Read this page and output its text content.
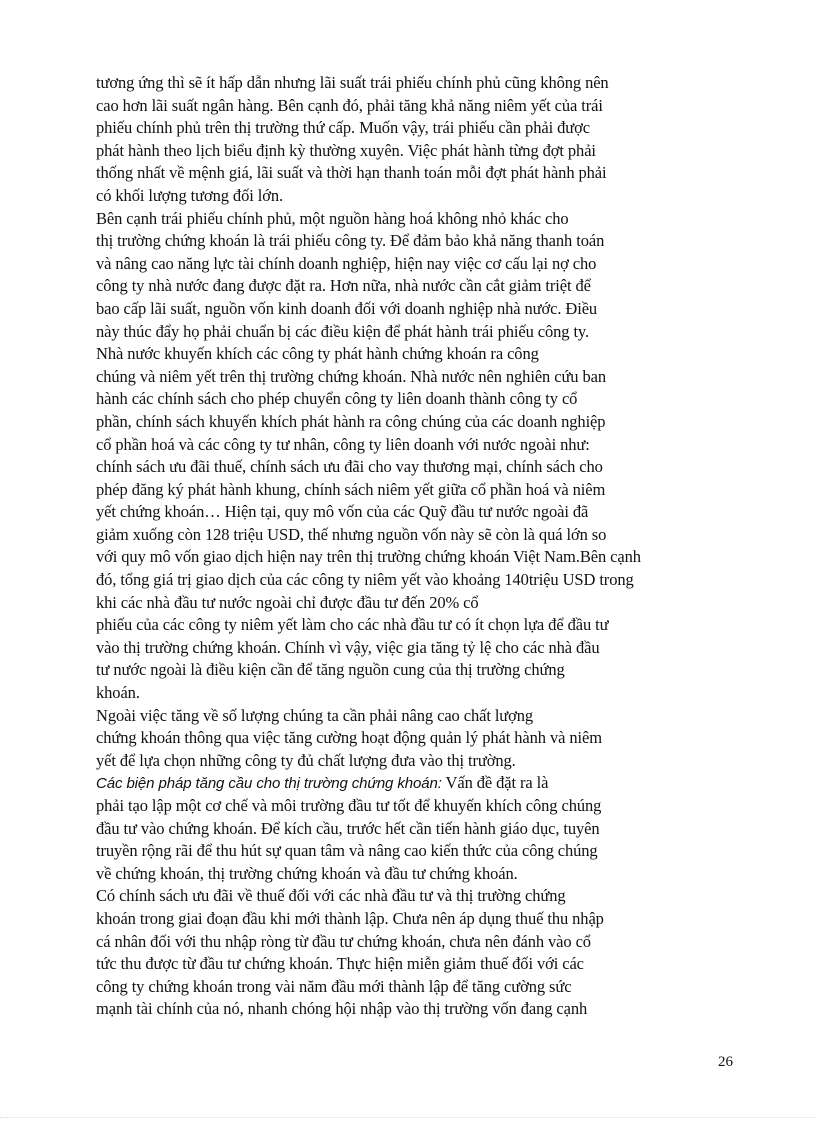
tương ứng thì sẽ ít hấp dẫn nhưng lãi suất trái phiếu chính phủ cũng không nên
cao hơn lãi suất ngân hàng. Bên cạnh đó, phải tăng khả năng niêm yết của trái
phiếu chính phủ trên thị trường thứ cấp. Muốn vậy, trái phiếu cần phải được
phát hành theo lịch biểu định kỳ thường xuyên. Việc phát hành từng đợt phải
thống nhất về mệnh giá, lãi suất và thời hạn thanh toán mỗi đợt phát hành phải
có khối lượng tương đối lớn.
Bên cạnh trái phiếu chính phủ, một nguồn hàng hoá không nhỏ khác cho
thị trường chứng khoán là trái phiếu công ty. Để đảm bảo khả năng thanh toán
và nâng cao năng lực tài chính doanh nghiệp, hiện nay việc cơ cấu lại nợ cho
công ty nhà nước đang được đặt ra. Hơn nữa, nhà nước cần cắt giảm triệt để
bao cấp lãi suất, nguồn vốn kinh doanh đối với doanh nghiệp nhà nước. Điều
này thúc đẩy họ phải chuẩn bị các điều kiện để phát hành trái phiếu công ty.
Nhà nước khuyến khích các công ty phát hành chứng khoán ra công
chúng và niêm yết trên thị trường chứng khoán. Nhà nước nên nghiên cứu ban
hành các chính sách cho phép chuyển công ty liên doanh thành công ty cổ
phần, chính sách khuyến khích phát hành ra công chúng của các doanh nghiệp
cổ phần hoá và các công ty tư nhân, công ty liên doanh với nước ngoài như:
chính sách ưu đãi thuế, chính sách ưu đãi cho vay thương mại, chính sách cho
phép đăng ký phát hành khung, chính sách niêm yết giữa cổ phần hoá và niêm
yết chứng khoán… Hiện tại, quy mô vốn của các Quỹ đầu tư nước ngoài đã
giảm xuống còn 128 triệu USD, thế nhưng nguồn vốn này sẽ còn là quá lớn so
với quy mô vốn giao dịch hiện nay trên thị trường chứng khoán Việt Nam.Bên cạnh
đó, tổng giá trị giao dịch của các công ty niêm yết vào khoảng 140triệu USD trong
khi các nhà đầu tư nước ngoài chỉ được đầu tư đến 20% cổ
phiếu của các công ty niêm yết làm cho các nhà đầu tư có ít chọn lựa để đầu tư
vào thị trường chứng khoán. Chính vì vậy, việc gia tăng tỷ lệ cho các nhà đầu
tư nước ngoài là điều kiện cần để tăng nguồn cung của thị trường chứng
khoán.
Ngoài việc tăng về số lượng chúng ta cần phải nâng cao chất lượng
chứng khoán thông qua việc tăng cường hoạt động quản lý phát hành và niêm
yết để lựa chọn những công ty đủ chất lượng đưa vào thị trường.
Các biện pháp tăng cầu cho thị trường chứng khoán: Vấn đề đặt ra là
phải tạo lập một cơ chế và môi trường đầu tư tốt để khuyến khích công chúng
đầu tư vào chứng khoán. Để kích cầu, trước hết cần tiến hành giáo dục, tuyên
truyền rộng rãi để thu hút sự quan tâm và nâng cao kiến thức của công chúng
về chứng khoán, thị trường chứng khoán và đầu tư chứng khoán.
Có chính sách ưu đãi về thuế đối với các nhà đầu tư và thị trường chứng
khoán trong giai đoạn đầu khi mới thành lập. Chưa nên áp dụng thuế thu nhập
cá nhân đối với thu nhập ròng từ đầu tư chứng khoán, chưa nên đánh vào cổ
tức thu được từ đầu tư chứng khoán. Thực hiện miễn giảm thuế đối với các
công ty chứng khoán trong vài năm đầu mới thành lập để tăng cường sức
mạnh tài chính của nó, nhanh chóng hội nhập vào thị trường vốn đang cạnh
26
